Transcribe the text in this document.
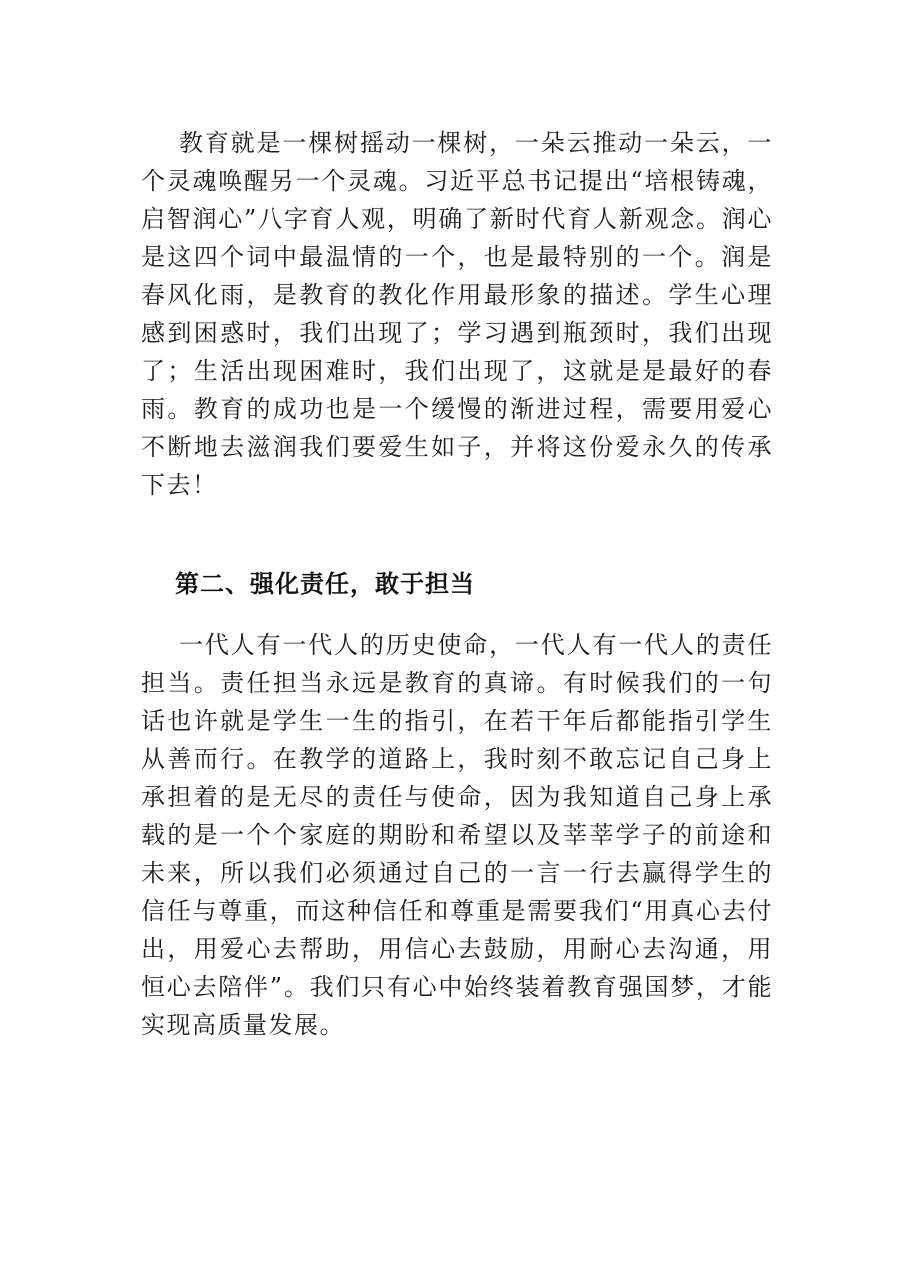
教育就是一棵树摇动一棵树，一朵云推动一朵云，一个灵魂唤醒另一个灵魂。习近平总书记提出“培根铸魂，启智润心”八字育人观，明确了新时代育人新观念。润心是这四个词中最温情的一个，也是最特别的一个。润是春风化雨，是教育的教化作用最形象的描述。学生心理感到困惑时，我们出现了；学习遇到瓶颈时，我们出现了；生活出现困难时，我们出现了，这就是是最好的春雨。教育的成功也是一个缓慢的渐进过程，需要用爱心不断地去滋润我们要爱生如子，并将这份爱永久的传承下去！

第二、强化责任，敢于担当

一代人有一代人的历史使命，一代人有一代人的责任担当。责任担当永远是教育的真谛。有时候我们的一句话也许就是学生一生的指引，在若干年后都能指引学生从善而行。在教学的道路上，我时刻不敢忘记自己身上承担着的是无尽的责任与使命，因为我知道自己身上承载的是一个个家庭的期盼和希望以及莘莘学子的前途和未来，所以我们必须通过自己的一言一行去赢得学生的信任与尊重，而这种信任和尊重是需要我们“用真心去付出，用爱心去帮助，用信心去鼓励，用耐心去沟通，用恒心去陪伴”。我们只有心中始终装着教育强国梦，才能实现高质量发展。
